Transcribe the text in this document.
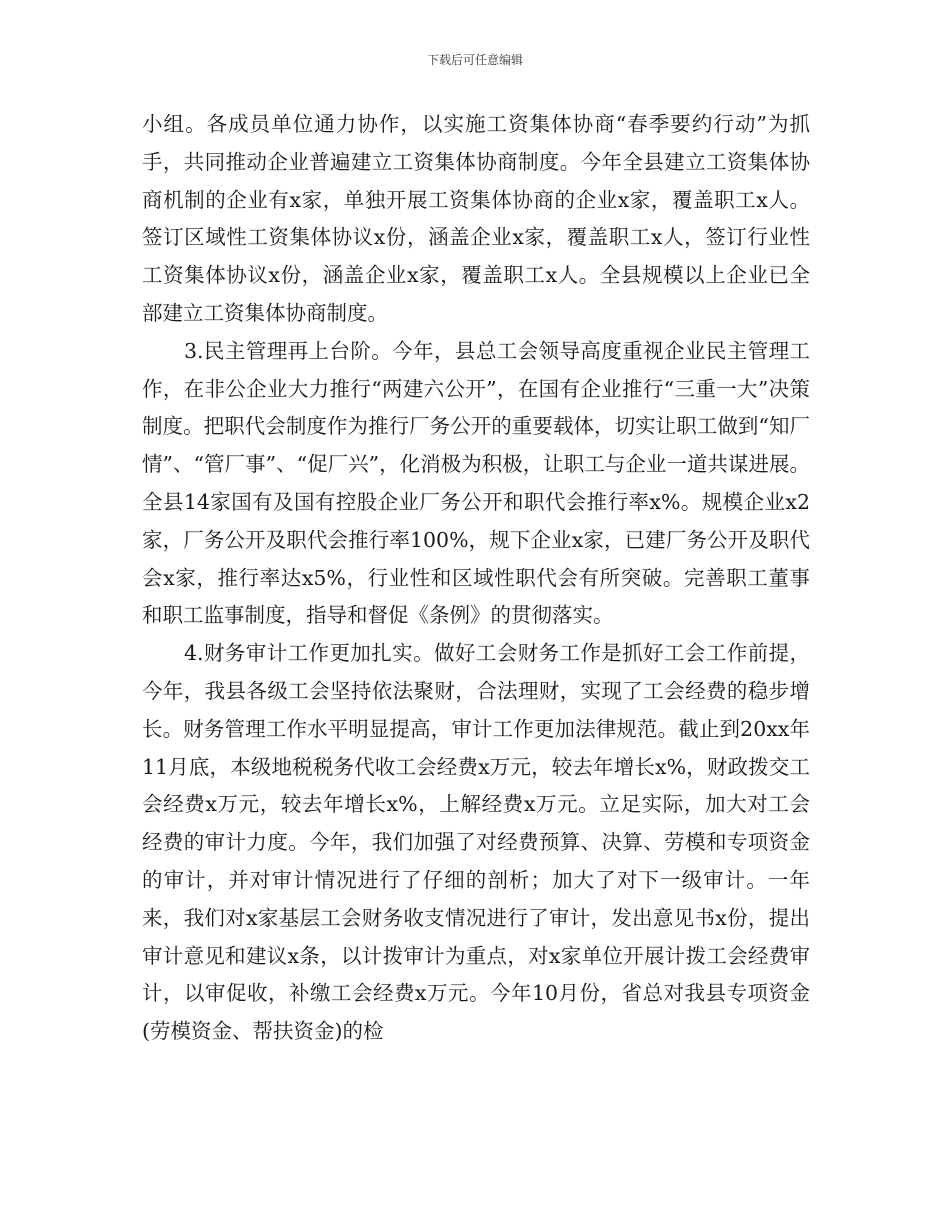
下载后可任意编辑

小组。各成员单位通力协作，以实施工资集体协商“春季要约行动”为抓手，共同推动企业普遍建立工资集体协商制度。今年全县建立工资集体协商机制的企业有x家，单独开展工资集体协商的企业x家，覆盖职工x人。签订区域性工资集体协议x份，涵盖企业x家，覆盖职工x人，签订行业性工资集体协议x份，涵盖企业x家，覆盖职工x人。全县规模以上企业已全部建立工资集体协商制度。

3.民主管理再上台阶。今年，县总工会领导高度重视企业民主管理工作，在非公企业大力推行“两建六公开”，在国有企业推行“三重一大”决策制度。把职代会制度作为推行厂务公开的重要载体，切实让职工做到“知厂情”、“管厂事”、“促厂兴”，化消极为积极，让职工与企业一道共谋进展。全县14家国有及国有控股企业厂务公开和职代会推行率x%。规模企业x2家，厂务公开及职代会推行率100%，规下企业x家，已建厂务公开及职代会x家，推行率达x5%，行业性和区域性职代会有所突破。完善职工董事和职工监事制度，指导和督促《条例》的贯彻落实。

4.财务审计工作更加扎实。做好工会财务工作是抓好工会工作前提，今年，我县各级工会坚持依法聚财，合法理财，实现了工会经费的稳步增长。财务管理工作水平明显提高，审计工作更加法律规范。截止到20xx年11月底，本级地税税务代收工会经费x万元，较去年增长x%，财政拨交工会经费x万元，较去年增长x%，上解经费x万元。立足实际，加大对工会经费的审计力度。今年，我们加强了对经费预算、决算、劳模和专项资金的审计，并对审计情况进行了仔细的剖析；加大了对下一级审计。一年来，我们对x家基层工会财务收支情况进行了审计，发出意见书x份，提出审计意见和建议x条，以计拨审计为重点，对x家单位开展计拨工会经费审计，以审促收，补缴工会经费x万元。今年10月份，省总对我县专项资金(劳模资金、帮扶资金)的检
